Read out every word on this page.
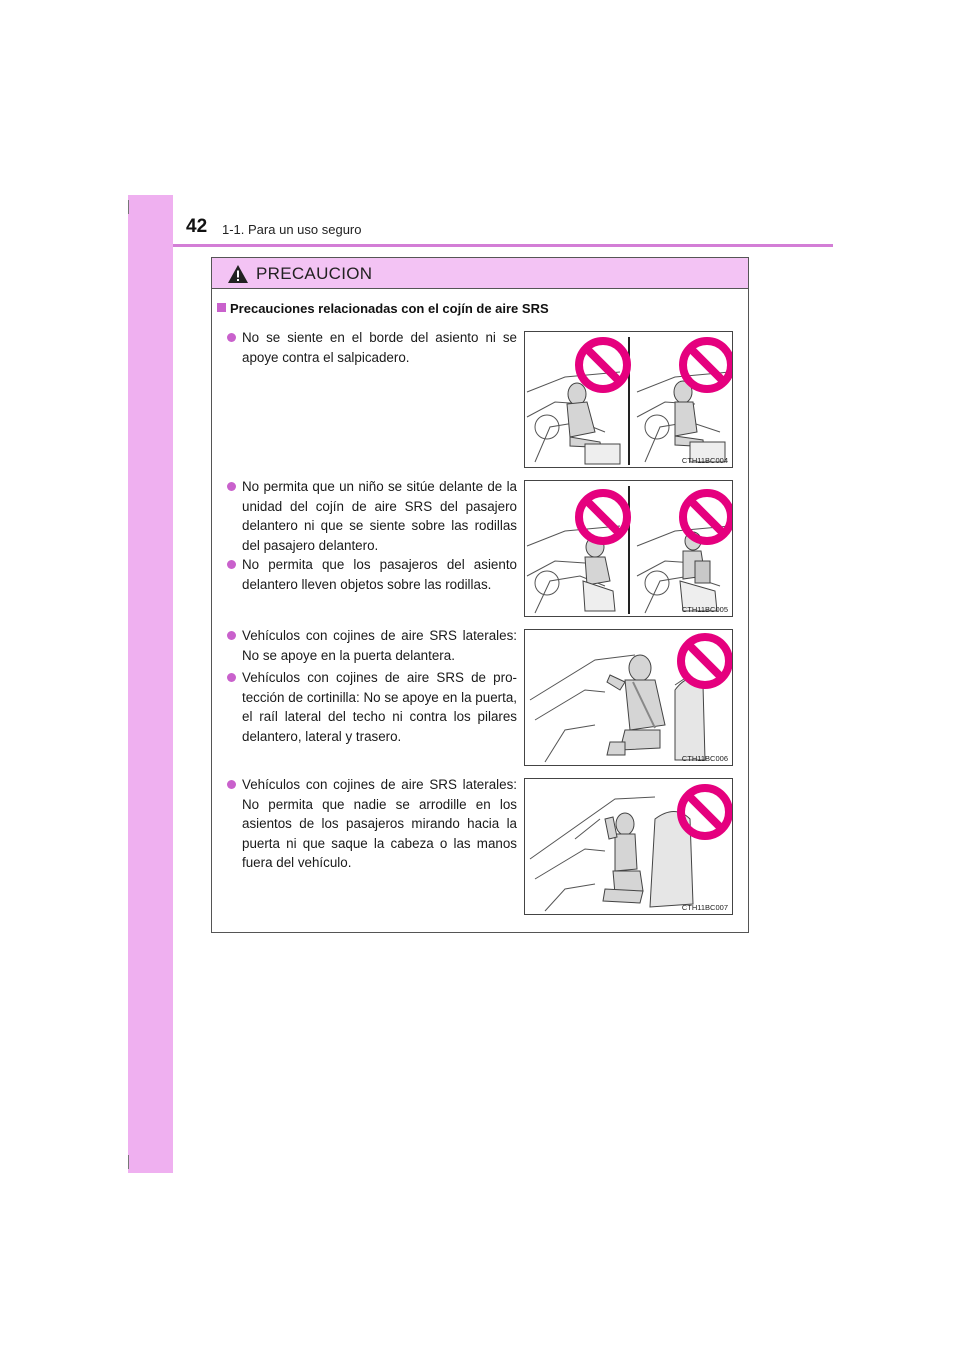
42 1-1. Para un uso seguro
PRECAUCION
Precauciones relacionadas con el cojín de aire SRS
No se siente en el borde del asiento ni se apoye contra el salpicadero.
No permita que un niño se sitúe delante de la unidad del cojín de aire SRS del pasajero delantero ni que se siente sobre las rodillas del pasajero delantero.
No permita que los pasajeros del asiento delantero lleven objetos sobre las rodillas.
Vehículos con cojines de aire SRS laterales: No se apoye en la puerta delantera.
Vehículos con cojines de aire SRS de pro-tección de cortinilla: No se apoye en la puerta, el raíl lateral del techo ni contra los pilares delantero, lateral y trasero.
Vehículos con cojines de aire SRS laterales: No permita que nadie se arrodille en los asientos de los pasajeros mirando hacia la puerta ni que saque la cabeza o las manos fuera del vehículo.
CTH11BC004
CTH11BC005
CTH11BC006
CTH11BC007
